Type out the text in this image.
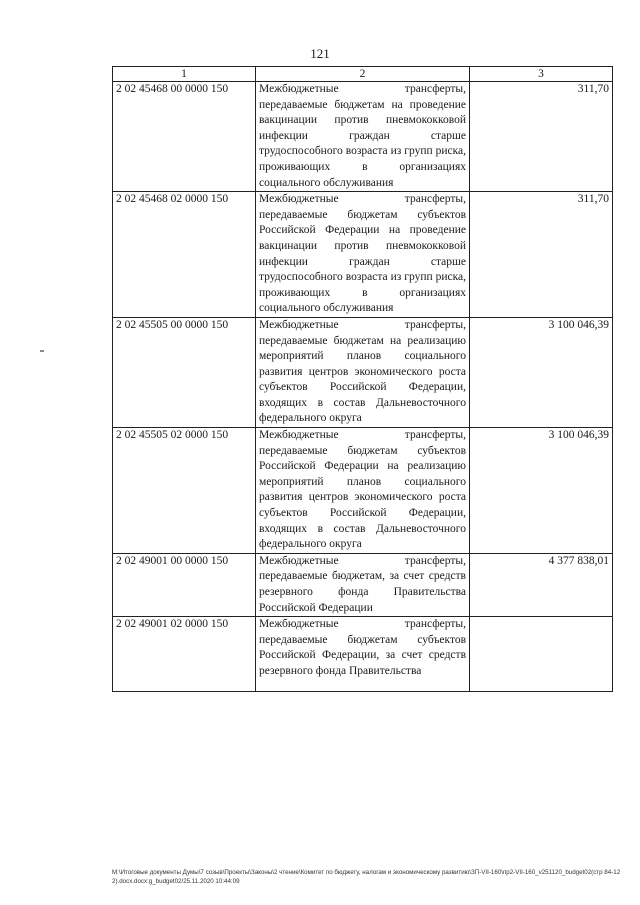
121
1	2	3
2 02 45468 00 0000 150	Межбюджетные трансферты, передаваемые бюджетам на проведение вакцинации против пневмококковой инфекции граждан старше трудоспособного возраста из групп риска, проживающих в организациях социального обслуживания	311,70
2 02 45468 02 0000 150	Межбюджетные трансферты, передаваемые бюджетам субъектов Российской Федерации на проведение вакцинации против пневмококковой инфекции граждан старше трудоспособного возраста из групп риска, проживающих в организациях социального обслуживания	311,70
2 02 45505 00 0000 150	Межбюджетные трансферты, передаваемые бюджетам на реализацию мероприятий планов социального развития центров экономического роста субъектов Российской Федерации, входящих в состав Дальневосточного федерального округа	3 100 046,39
2 02 45505 02 0000 150	Межбюджетные трансферты, передаваемые бюджетам субъектов Российской Федерации на реализацию мероприятий планов социального развития центров экономического роста субъектов Российской Федерации, входящих в состав Дальневосточного федерального округа	3 100 046,39
2 02 49001 00 0000 150	Межбюджетные трансферты, передаваемые бюджетам, за счет средств резервного фонда Правительства Российской Федерации	4 377 838,01
2 02 49001 02 0000 150	Межбюджетные трансферты, передаваемые бюджетам субъектов Российской Федерации, за счет средств резервного фонда Правительства	
M:\Итоговые документы Думы\7 созыв\Проекты\Законы\2 чтение\Комитет по бюджету, налогам и экономическому развитию\ЗП-VII-160\пр2-VII-160_v251120_budget02(стр 84-122).docx.docx:g_budget02/25.11.2020 10:44:09
